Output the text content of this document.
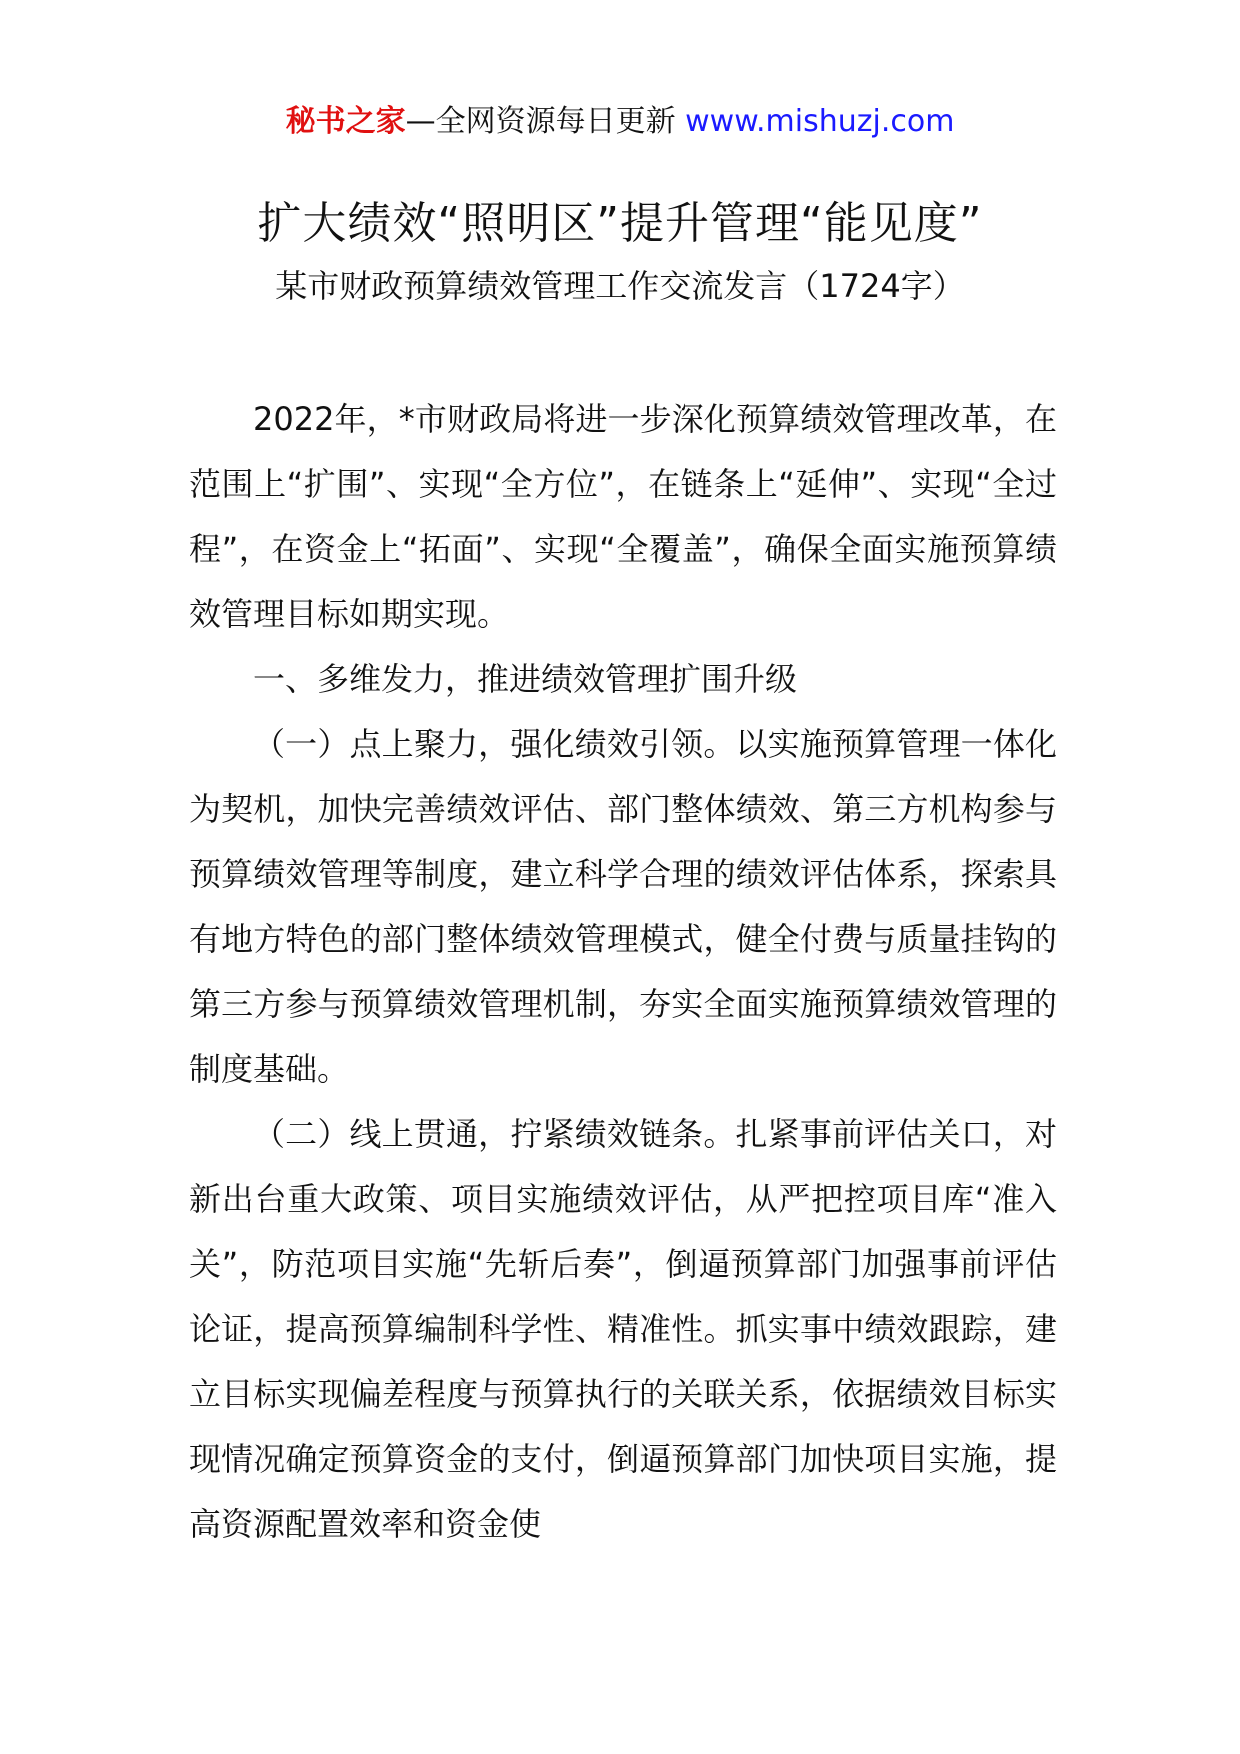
秘书之家—全网资源每日更新 www.mishuzj.com
扩大绩效“照明区”提升管理“能见度”
某市财政预算绩效管理工作交流发言（1724字）

2022年，*市财政局将进一步深化预算绩效管理改革，在范围上“扩围”、实现“全方位”，在链条上“延伸”、实现“全过程”，在资金上“拓面”、实现“全覆盖”，确保全面实施预算绩效管理目标如期实现。

一、多维发力，推进绩效管理扩围升级

（一）点上聚力，强化绩效引领。以实施预算管理一体化为契机，加快完善绩效评估、部门整体绩效、第三方机构参与预算绩效管理等制度，建立科学合理的绩效评估体系，探索具有地方特色的部门整体绩效管理模式，健全付费与质量挂钩的第三方参与预算绩效管理机制，夯实全面实施预算绩效管理的制度基础。

（二）线上贯通，拧紧绩效链条。扎紧事前评估关口，对新出台重大政策、项目实施绩效评估，从严把控项目库“准入关”，防范项目实施“先斩后奏”，倒逼预算部门加强事前评估论证，提高预算编制科学性、精准性。抓实事中绩效跟踪，建立目标实现偏差程度与预算执行的关联关系，依据绩效目标实现情况确定预算资金的支付，倒逼预算部门加快项目实施，提高资源配置效率和资金使
